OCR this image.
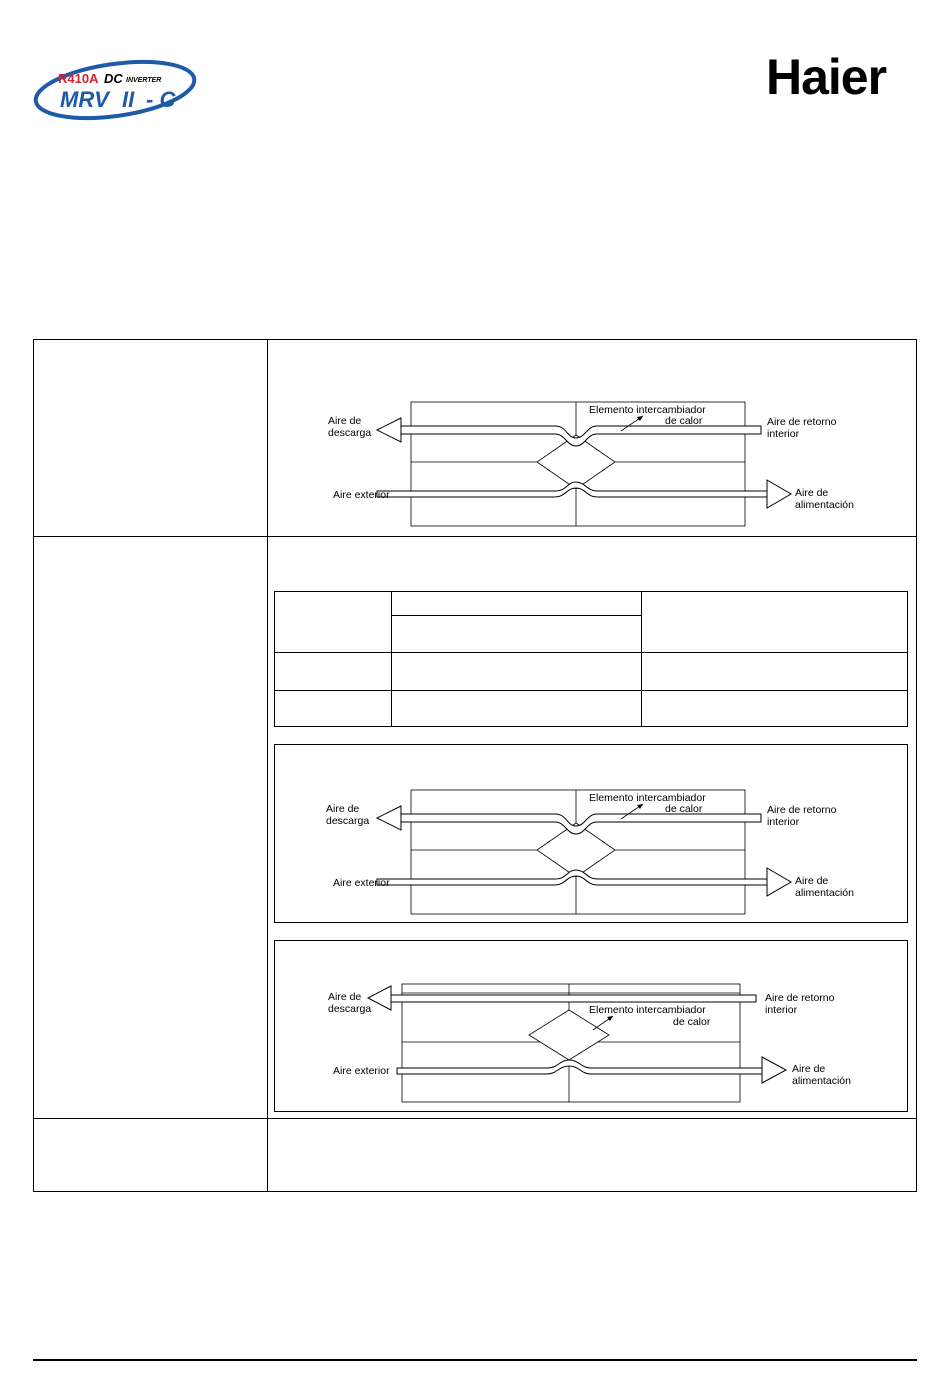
R410A DC INVERTER
MRV II - C	Haier
Aire de
descarga
Elemento intercambiador
de calor	Aire de retorno
interior
Aire exterior	Aire de
alimentación
Aire de
descarga
Elemento intercambiador
de calor	Aire de retorno
interior
Aire exterior	Aire de
alimentación
Aire de
descarga	Elemento intercambiador
de calor
Aire de retorno
interior
Aire exterior	Aire de
alimentación
